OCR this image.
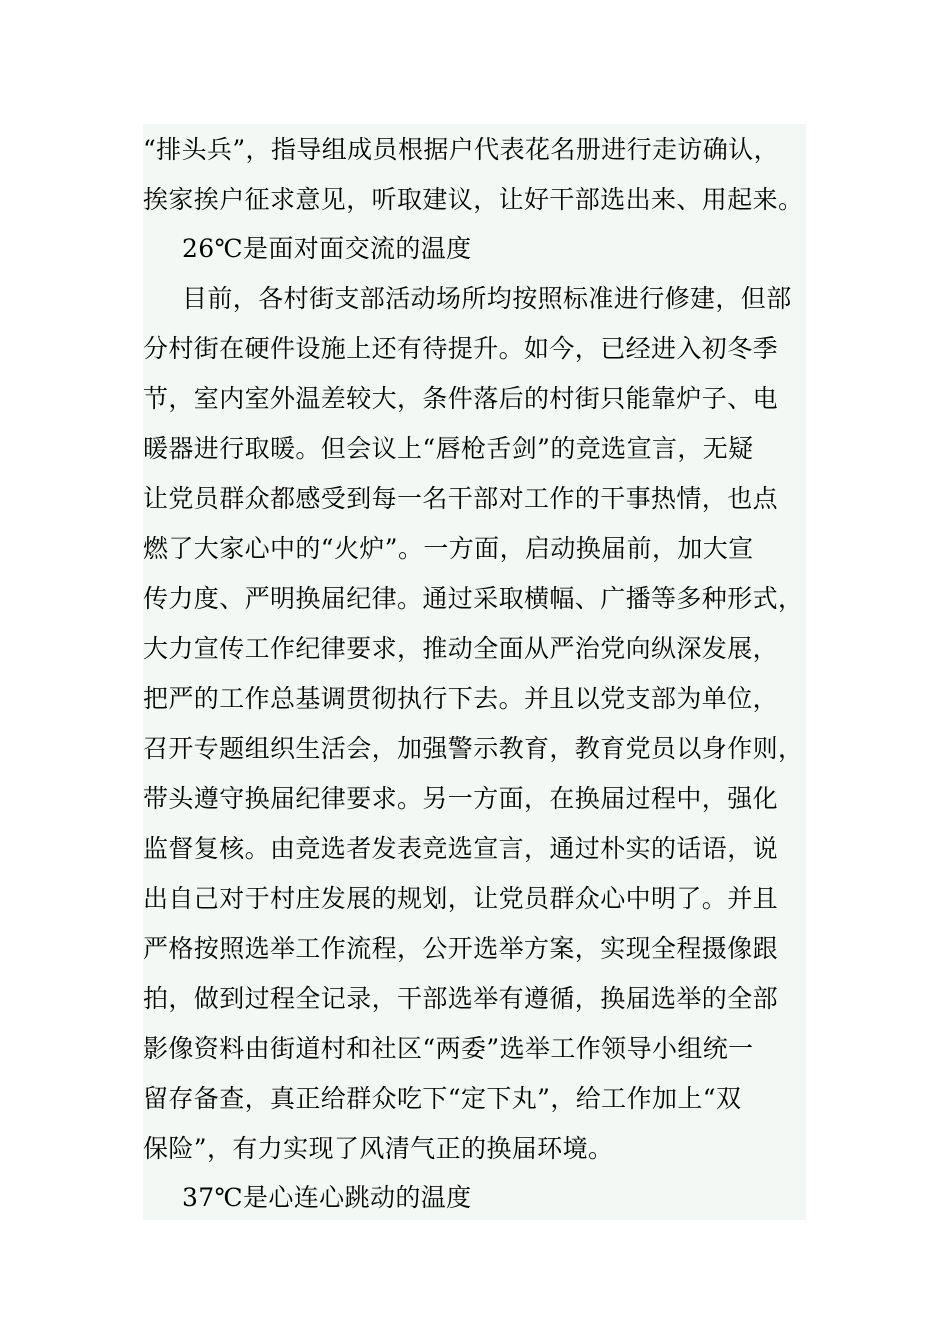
“排头兵”，指导组成员根据户代表花名册进行走访确认，
挨家挨户征求意见，听取建议，让好干部选出来、用起来。
26℃是面对面交流的温度
目前，各村街支部活动场所均按照标准进行修建，但部
分村街在硬件设施上还有待提升。如今，已经进入初冬季
节，室内室外温差较大，条件落后的村街只能靠炉子、电
暖器进行取暖。但会议上“唇枪舌剑”的竞选宣言，无疑
让党员群众都感受到每一名干部对工作的干事热情，也点
燃了大家心中的“火炉”。一方面，启动换届前，加大宣
传力度、严明换届纪律。通过采取横幅、广播等多种形式，
大力宣传工作纪律要求，推动全面从严治党向纵深发展，
把严的工作总基调贯彻执行下去。并且以党支部为单位，
召开专题组织生活会，加强警示教育，教育党员以身作则，
带头遵守换届纪律要求。另一方面，在换届过程中，强化
监督复核。由竞选者发表竞选宣言，通过朴实的话语，说
出自己对于村庄发展的规划，让党员群众心中明了。并且
严格按照选举工作流程，公开选举方案，实现全程摄像跟
拍，做到过程全记录，干部选举有遵循，换届选举的全部
影像资料由街道村和社区“两委”选举工作领导小组统一
留存备查，真正给群众吃下“定下丸”，给工作加上“双
保险”，有力实现了风清气正的换届环境。
37℃是心连心跳动的温度
